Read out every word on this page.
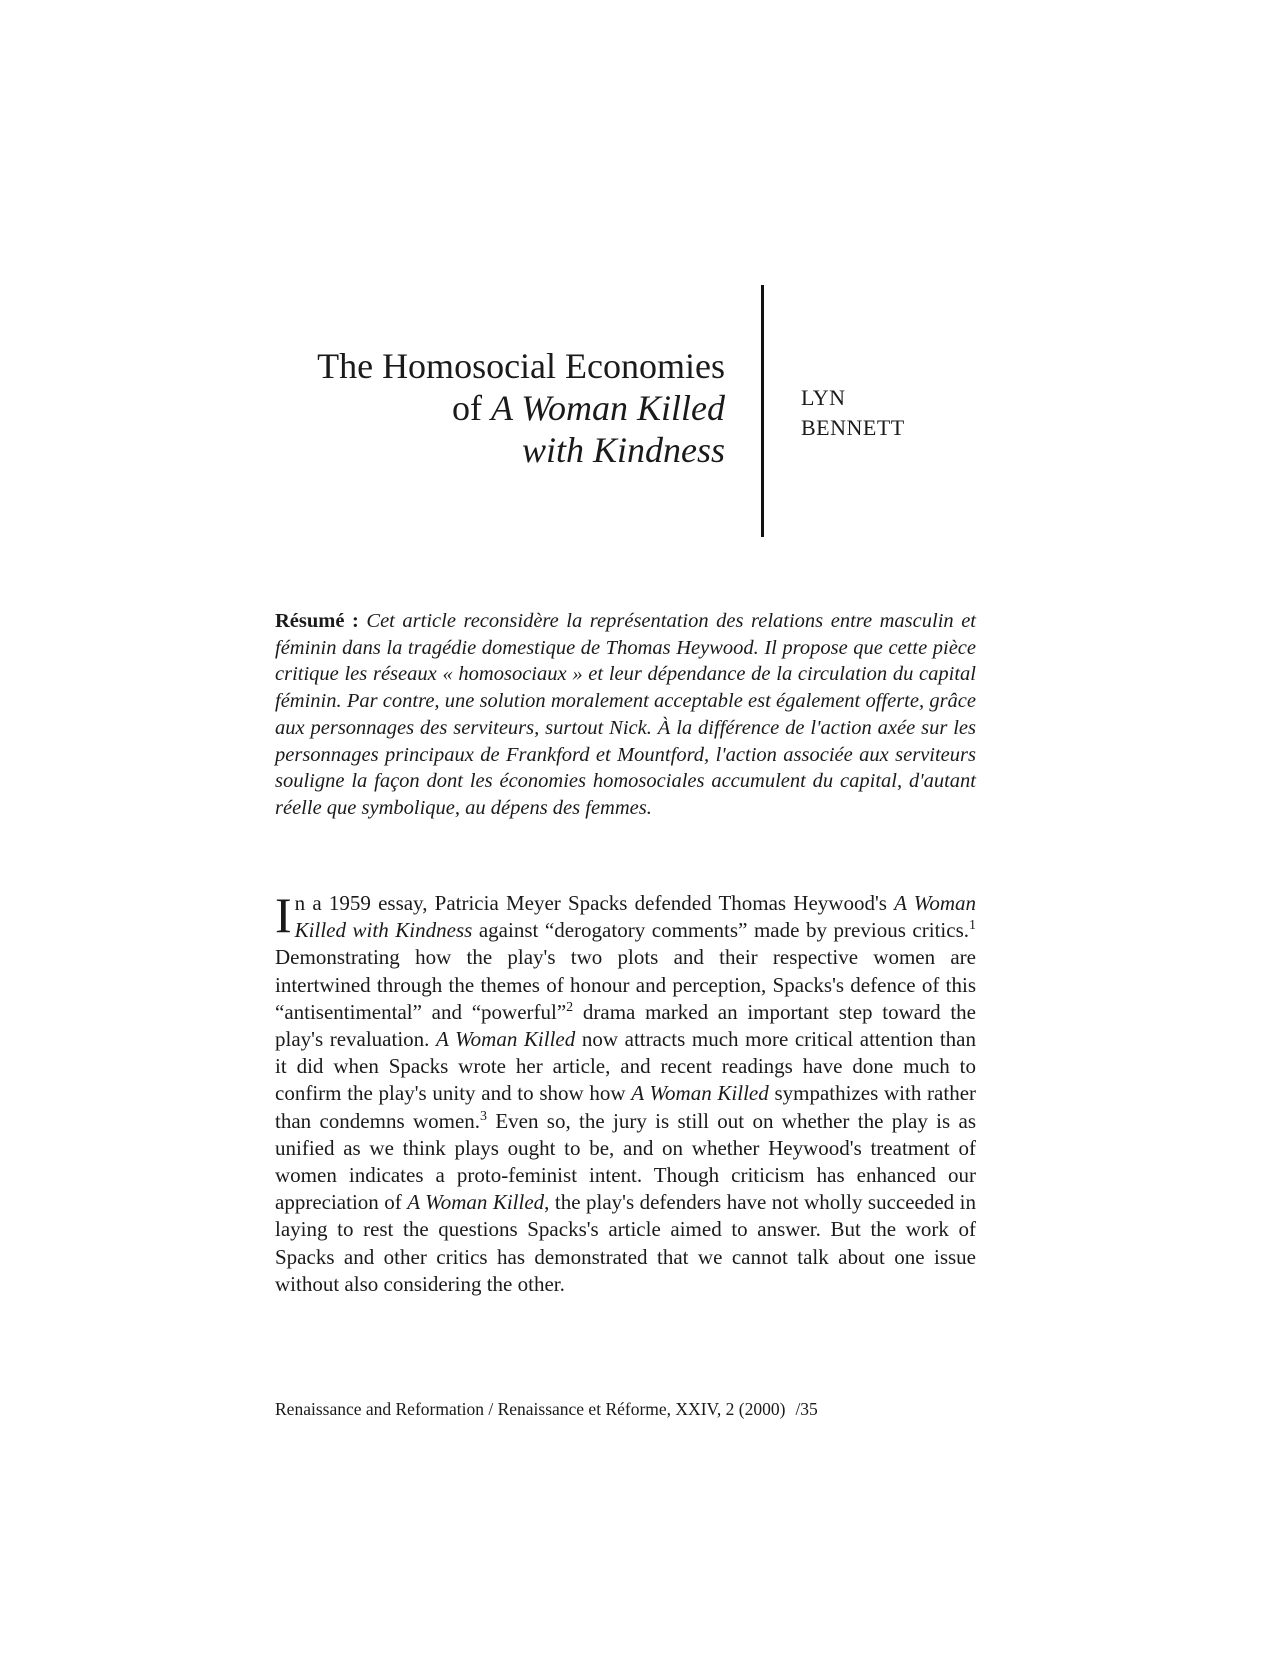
The Homosocial Economies
of A Woman Killed
with Kindness
LYN
BENNETT

Résumé : Cet article reconsidère la représentation des relations entre masculin et féminin dans la tragédie domestique de Thomas Heywood. Il propose que cette pièce critique les réseaux « homosociaux » et leur dépendance de la circulation du capital féminin. Par contre, une solution moralement acceptable est également offerte, grâce aux personnages des serviteurs, surtout Nick. À la différence de l'action axée sur les personnages principaux de Frankford et Mountford, l'action associée aux serviteurs souligne la façon dont les économies homosociales accumulent du capital, d'autant réelle que symbolique, au dépens des femmes.

In a 1959 essay, Patricia Meyer Spacks defended Thomas Heywood's A Woman Killed with Kindness against “derogatory comments” made by previous critics.$^1$ Demonstrating how the play's two plots and their respective women are intertwined through the themes of honour and perception, Spacks's defence of this “antisentimental” and “powerful”$^2$ drama marked an important step toward the play's revaluation. A Woman Killed now attracts much more critical attention than it did when Spacks wrote her article, and recent readings have done much to confirm the play's unity and to show how A Woman Killed sympathizes with rather than condemns women.$^3$ Even so, the jury is still out on whether the play is as unified as we think plays ought to be, and on whether Heywood's treatment of women indicates a proto-feminist intent. Though criticism has enhanced our appreciation of A Woman Killed, the play's defenders have not wholly succeeded in laying to rest the questions Spacks's article aimed to answer. But the work of Spacks and other critics has demonstrated that we cannot talk about one issue without also considering the other.

Renaissance and Reformation / Renaissance et Réforme, XXIV, 2 (2000) /35
